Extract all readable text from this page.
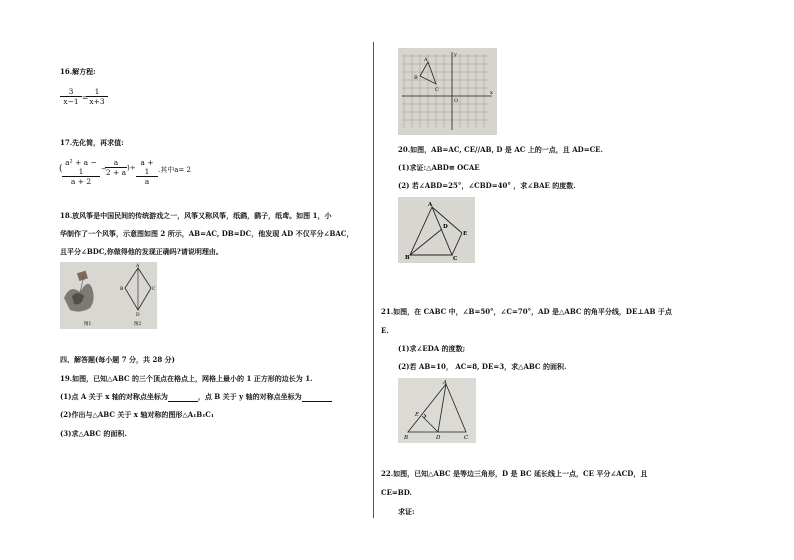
16.解方程:
$\frac{3}{x-1}$ =
$\frac{1}{x+3}$
17.先化简，再求值:
( $\frac{\text{a² + a − 1}}{a + 2}$ −
$\frac{a}{2 + a}$ )÷ $\frac{a + 1}{a}$ .其中a= 2
18.放风筝是中国民间的传统游戏之一，风筝又称风筝，纸鹞，鹞子，纸鸢。如图 1，小
华制作了一个风筝，示意图如图 2 所示，AB=AC, DB=DC，他发现 AD 不仅平分∠BAC，
且平分∠BDC,你做得他的发现正确吗?请说明理由。
A
B	C
D
图1	图2
四、解答题(每小题 7 分，共 28 分)
19.如图，已知△ABC 的三个顶点在格点上，网格上最小的 1 正方形的边长为 1.
(1)点 A 关于 x 轴的对称点坐标为	，点 B 关于 y 轴的对称点坐标为
(2)作出与△ABC 关于 x 轴对称的图形△A₁B₁C₁
(3)求△ABC 的面积.
A
B
C
O
x
y
20.如图，AB=AC, CE//AB, D 是 AC 上的一点，且 AD=CE.
(1)求证:△ABD≌ OCAE
(2) 若∠ABD=25°，∠CBD=40° ，求∠BAE 的度数.
A
D
E
B	C
21.如图，在 CABC 中，∠B=50°，∠C=70°，AD 是△ABC 的角平分线，DE⊥AB 于点
E.
(1)求∠EDA 的度数;
(2)若 AB=10， AC=8, DE=3，求△ABC 的面积.
A
E
B	D	C
22.如图，已知△ABC 是等边三角形，D 是 BC 延长线上一点，CE 平分∠ACD，且
CE=BD.
求证:
